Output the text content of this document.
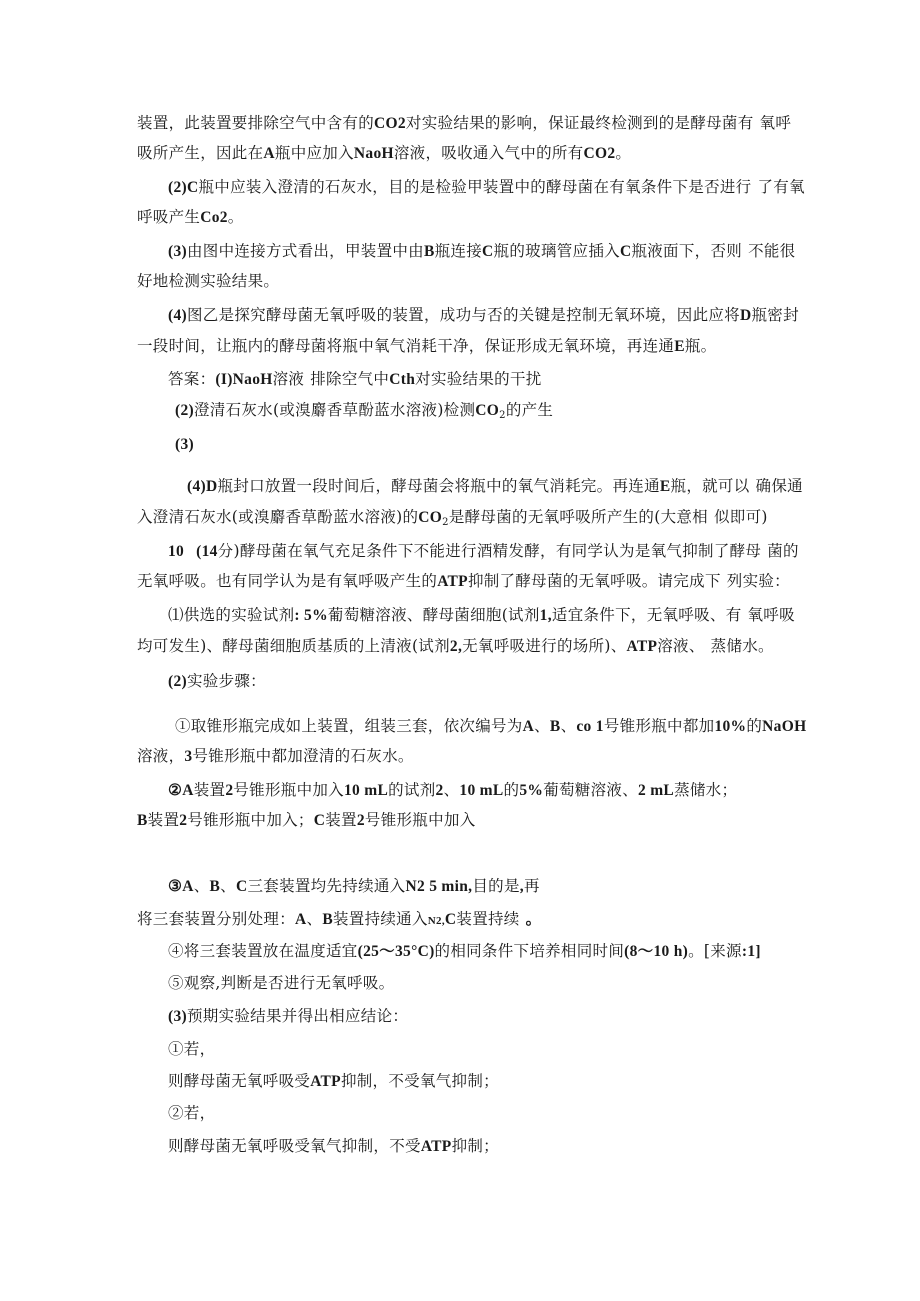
装置，此装置要排除空气中含有的CO2对实验结果的影响，保证最终检测到的是酵母菌有 氧呼
吸所产生，因此在A瓶中应加入NaoH溶液，吸收通入气中的所有CO2。
(2)C瓶中应装入澄清的石灰水，目的是检验甲装置中的酵母菌在有氧条件下是否进行 了有氧
呼吸产生Co2。
(3)由图中连接方式看出，甲装置中由B瓶连接C瓶的玻璃管应插入C瓶液面下，否则 不能很
好地检测实验结果。
(4)图乙是探究酵母菌无氧呼吸的装置，成功与否的关键是控制无氧环境，因此应将D瓶密封
一段时间，让瓶内的酵母菌将瓶中氧气消耗干净，保证形成无氧环境，再连通E瓶。
答案：(I)NaoH溶液 排除空气中Cth对实验结果的干扰
(2)澄清石灰水(或溴麝香草酚蓝水溶液)检测$CO_2$的产生
(3)
(4)D瓶封口放置一段时间后，酵母菌会将瓶中的氧气消耗完。再连通E瓶，就可以 确保通
入澄清石灰水(或溴麝香草酚蓝水溶液)的$CO_2$是酵母菌的无氧呼吸所产生的(大意相 似即可)
10 (14分)酵母菌在氧气充足条件下不能进行酒精发酵，有同学认为是氧气抑制了酵母 菌的
无氧呼吸。也有同学认为是有氧呼吸产生的ATP抑制了酵母菌的无氧呼吸。请完成下 列实验：
⑴供选的实验试剂: 5%葡萄糖溶液、酵母菌细胞(试剂1,适宜条件下，无氧呼吸、有 氧呼吸
均可发生)、酵母菌细胞质基质的上清液(试剂2,无氧呼吸进行的场所)、ATP溶液、 蒸储水。
(2)实验步骤：
①取锥形瓶完成如上装置，组装三套，依次编号为A、B、co 1号锥形瓶中都加10%的NaOH
溶液，3号锥形瓶中都加澄清的石灰水。
②A装置2号锥形瓶中加入10 mL的试剂2、10 mL的5%葡萄糖溶液、2 mL蒸储水；
B装置2号锥形瓶中加入；C装置2号锥形瓶中加入
③A、B、C三套装置均先持续通入N2 5 min,目的是,再
将三套装置分别处理：A、B装置持续通入N2,C装置持续 。
④将三套装置放在温度适宜(25～35°C)的相同条件下培养相同时间(8～10 h)。[来源:1]
⑤观察,判断是否进行无氧呼吸。
(3)预期实验结果并得出相应结论：
①若，
则酵母菌无氧呼吸受ATP抑制，不受氧气抑制；
②若，
则酵母菌无氧呼吸受氧气抑制，不受ATP抑制；
